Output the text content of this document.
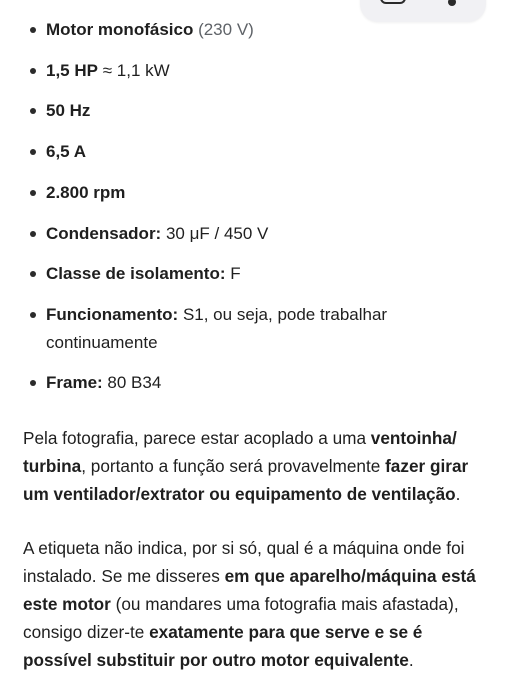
Motor monofásico (230 V)
1,5 HP ≈ 1,1 kW
50 Hz
6,5 A
2.800 rpm
Condensador: 30 μF / 450 V
Classe de isolamento: F
Funcionamento: S1, ou seja, pode trabalhar continuamente
Frame: 80 B34

Pela fotografia, parece estar acoplado a uma ventoinha/ turbina, portanto a função será provavelmente fazer girar um ventilador/extrator ou equipamento de ventilação.

A etiqueta não indica, por si só, qual é a máquina onde foi instalado. Se me disseres em que aparelho/máquina está este motor (ou mandares uma fotografia mais afastada), consigo dizer-te exatamente para que serve e se é possível substituir por outro motor equivalente.
